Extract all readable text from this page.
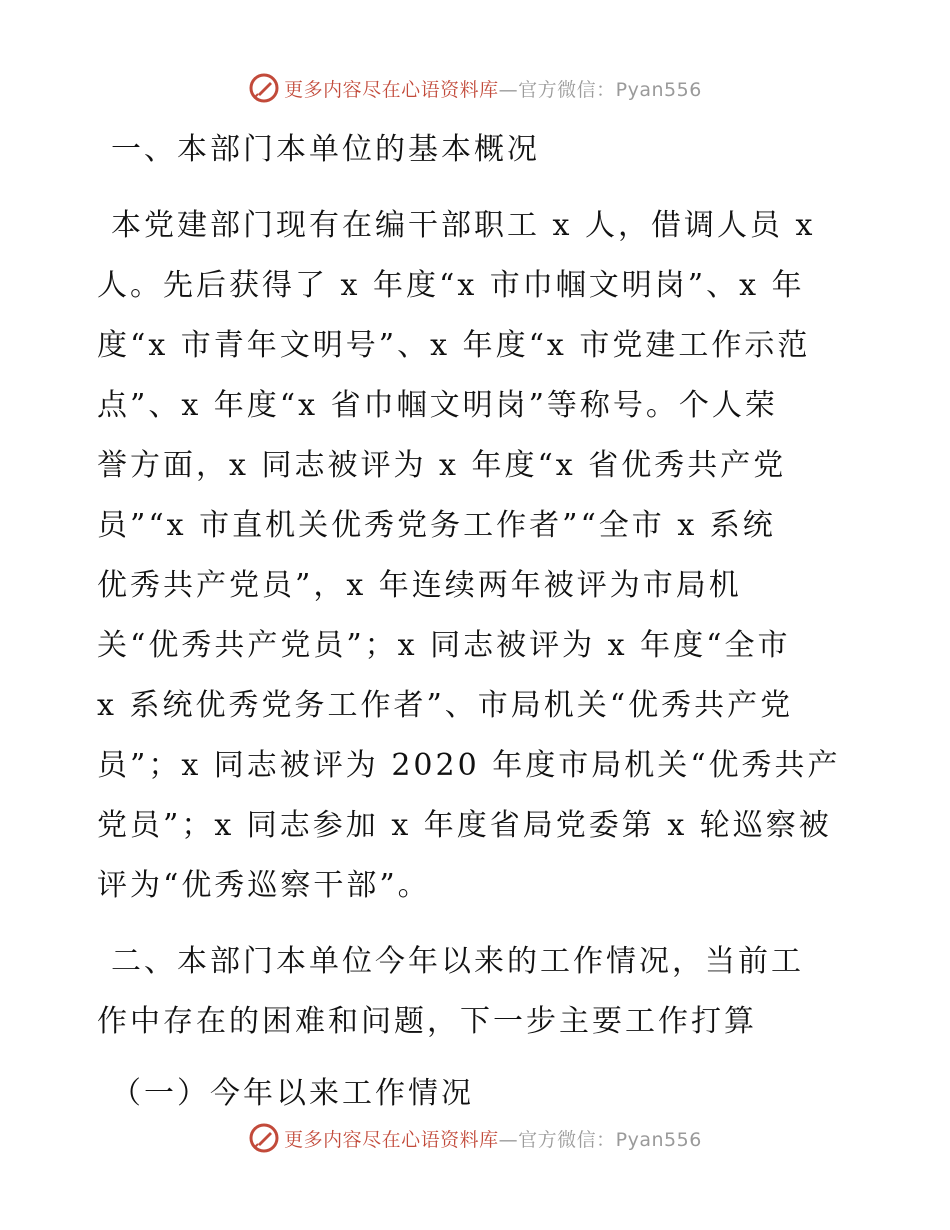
更多内容尽在心语资料库—官方微信：Pyan556

一、本部门本单位的基本概况

本党建部门现有在编干部职工 x 人，借调人员 x

人。先后获得了 x 年度“x 市巾帼文明岗”、x 年

度“x 市青年文明号”、x 年度“x 市党建工作示范

点”、x 年度“x 省巾帼文明岗”等称号。个人荣

誉方面，x 同志被评为 x 年度“x 省优秀共产党

员”“x 市直机关优秀党务工作者”“全市 x 系统

优秀共产党员”，x 年连续两年被评为市局机

关“优秀共产党员”；x 同志被评为 x 年度“全市

x 系统优秀党务工作者”、市局机关“优秀共产党

员”；x 同志被评为 2020 年度市局机关“优秀共产

党员”；x 同志参加 x 年度省局党委第 x 轮巡察被

评为“优秀巡察干部”。

二、本部门本单位今年以来的工作情况，当前工

作中存在的困难和问题，下一步主要工作打算

（一）今年以来工作情况

更多内容尽在心语资料库—官方微信：Pyan556
